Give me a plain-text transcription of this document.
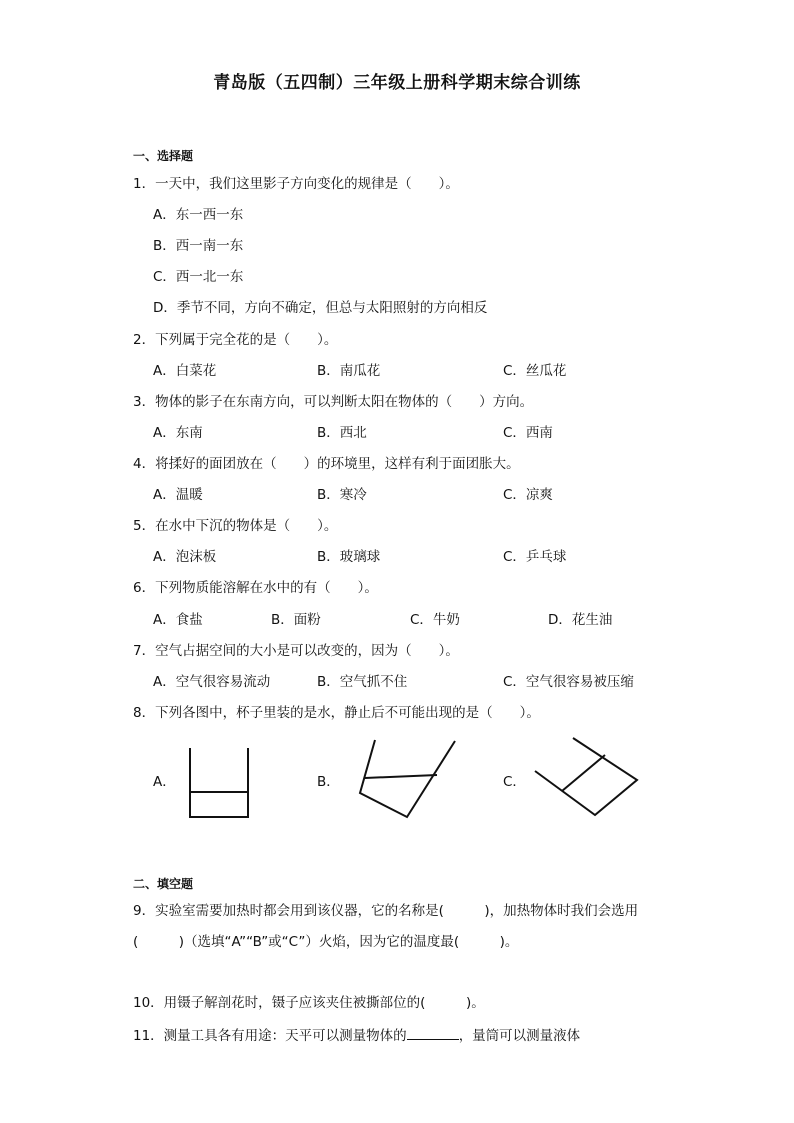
青岛版（五四制）三年级上册科学期末综合训练
一、选择题
1．一天中，我们这里影子方向变化的规律是（　　）。
A．东一西一东
B．西一南一东
C．西一北一东
D．季节不同，方向不确定，但总与太阳照射的方向相反
2．下列属于完全花的是（　　）。
A．白菜花	B．南瓜花	C．丝瓜花
3．物体的影子在东南方向，可以判断太阳在物体的（　　）方向。
A．东南	B．西北	C．西南
4．将揉好的面团放在（　　）的环境里，这样有利于面团胀大。
A．温暖	B．寒冷	C．凉爽
5．在水中下沉的物体是（　　）。
A．泡沫板	B．玻璃球	C．乒乓球
6．下列物质能溶解在水中的有（　　）。
A．食盐	B．面粉	C．牛奶	D．花生油
7．空气占据空间的大小是可以改变的，因为（　　）。
A．空气很容易流动	B．空气抓不住	C．空气很容易被压缩
8．下列各图中，杯子里装的是水，静止后不可能出现的是（　　）。
A．	B．	C．
二、填空题
9．实验室需要加热时都会用到该仪器，它的名称是(　　　)，加热物体时我们会选用
(　　　)（选填“A”“B”或“C”）火焰，因为它的温度最(　　　)。
10．用镊子解剖花时，镊子应该夹住被撕部位的(　　　)。
11．测量工具各有用途：天平可以测量物体的	，量筒可以测量液体
